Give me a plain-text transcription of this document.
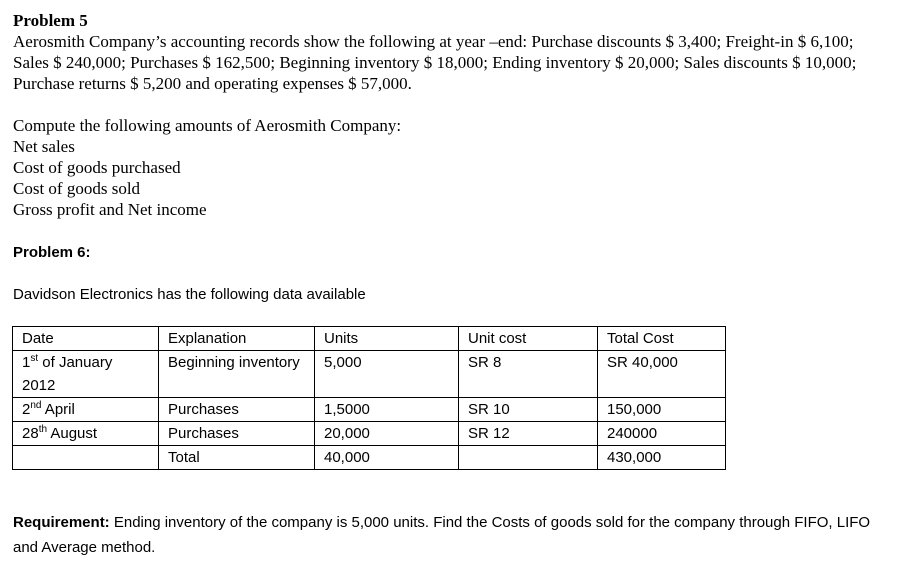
Problem 5

Aerosmith Company’s accounting records show the following at year –end: Purchase discounts $ 3,400; Freight-in $ 6,100; Sales $ 240,000; Purchases $ 162,500; Beginning inventory $ 18,000; Ending inventory $ 20,000; Sales discounts $ 10,000; Purchase returns $ 5,200 and operating expenses $ 57,000.

Compute the following amounts of Aerosmith Company:

Net sales

Cost of goods purchased

Cost of goods sold

Gross profit and Net income

Problem 6:
Davidson Electronics has the following data available
Date	Explanation	Units	Unit cost	Total Cost
1st of January 2012	Beginning inventory	5,000	SR 8	SR 40,000
2nd April	Purchases	1,5000	SR 10	150,000
28th August	Purchases	20,000	SR 12	240000
	Total	40,000		430,000
Requirement: Ending inventory of the company is 5,000 units. Find the Costs of goods sold for the company through FIFO, LIFO and Average method.
